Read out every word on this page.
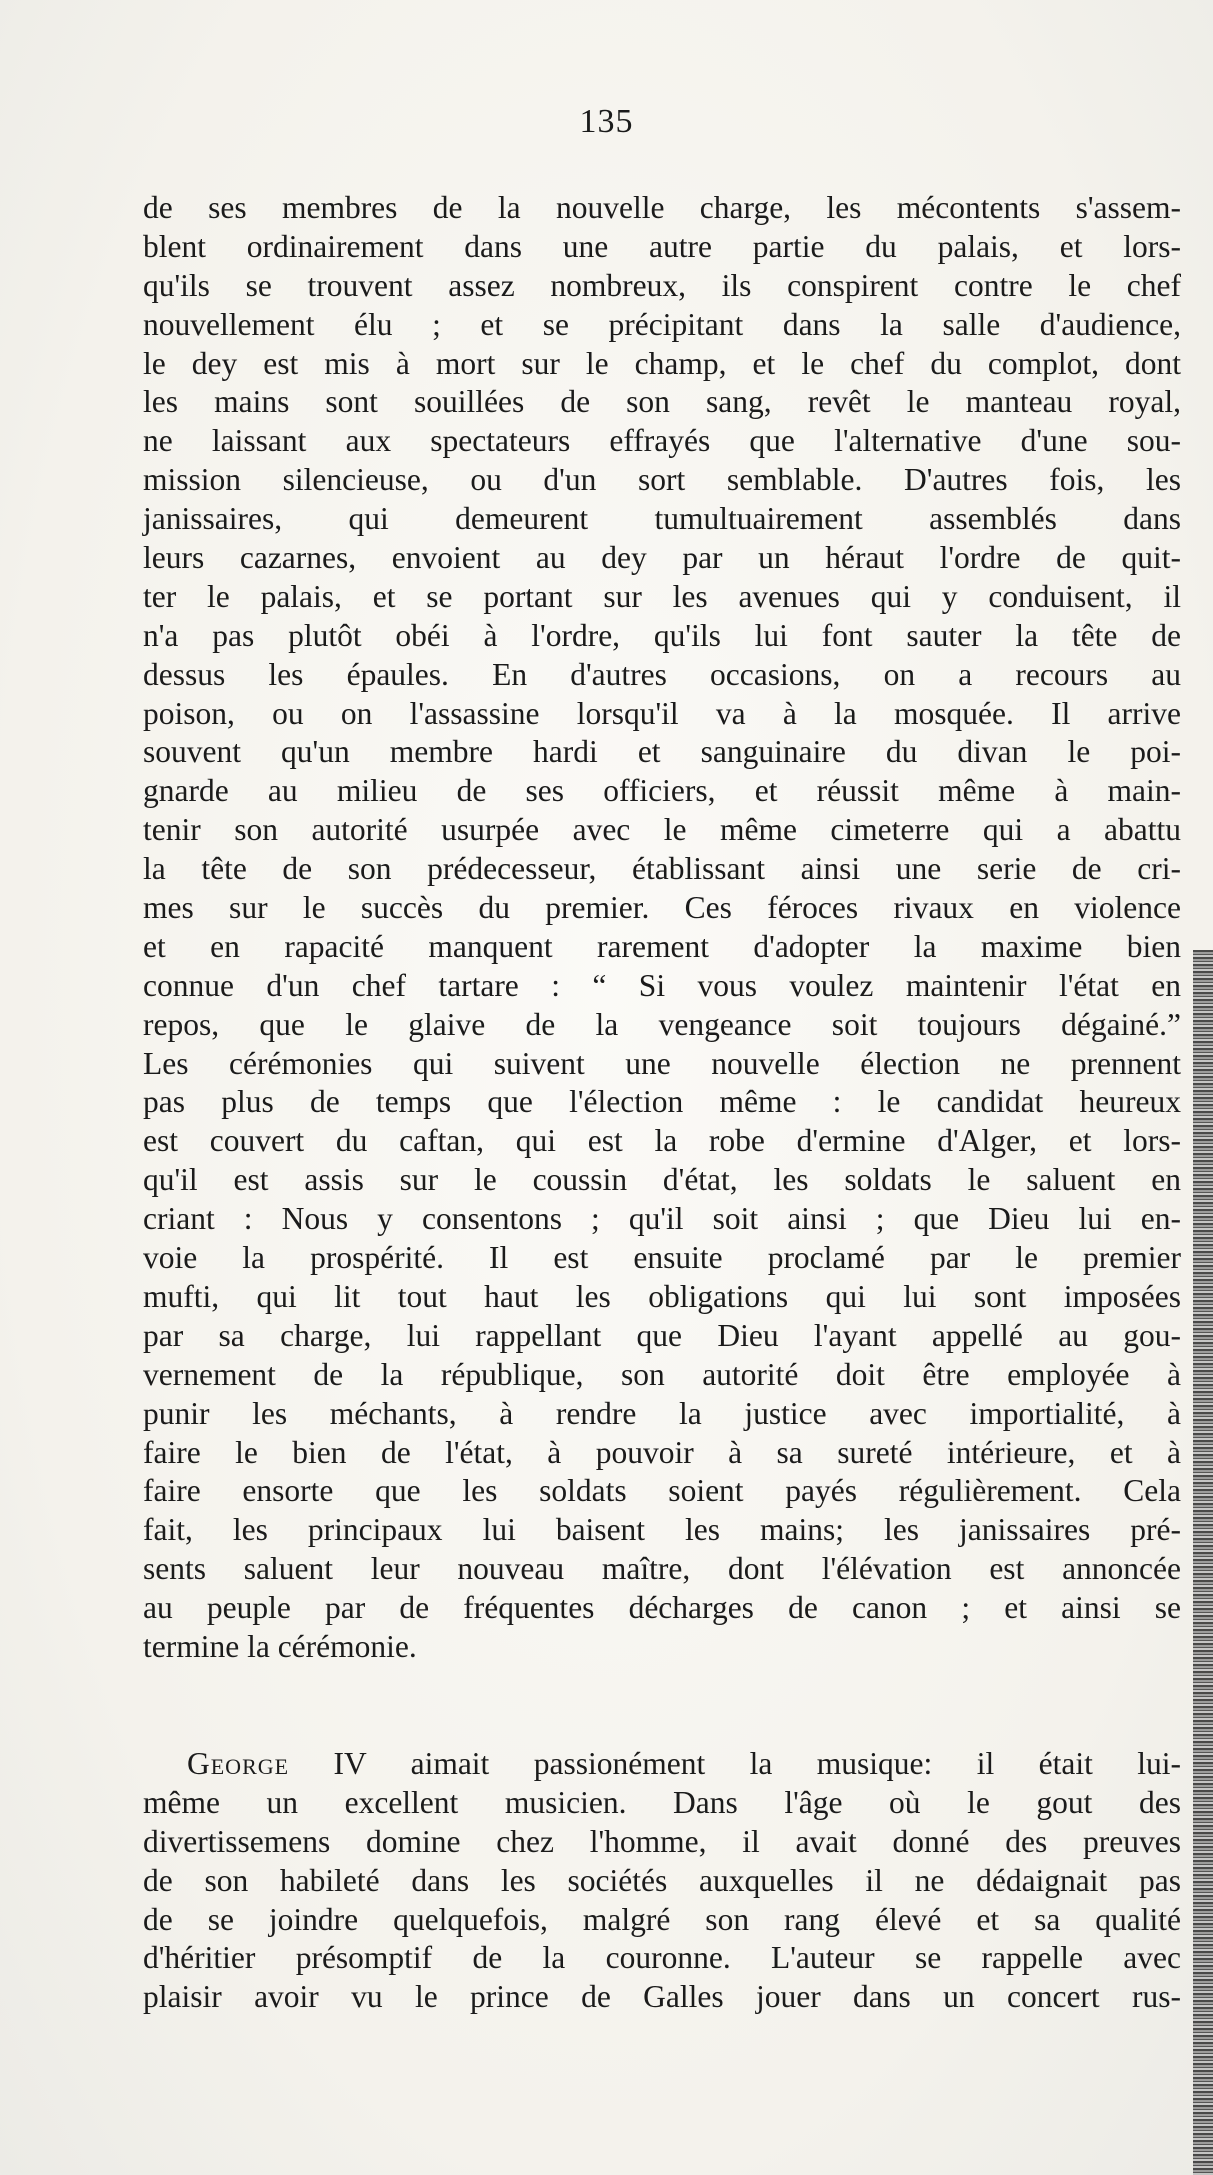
135
de ses membres de la nouvelle charge, les mécontents s'assem-
blent ordinairement dans une autre partie du palais, et lors-
qu'ils se trouvent assez nombreux, ils conspirent contre le chef
nouvellement élu ; et se précipitant dans la salle d'audience,
le dey est mis à mort sur le champ, et le chef du complot, dont
les mains sont souillées de son sang, revêt le manteau royal,
ne laissant aux spectateurs effrayés que l'alternative d'une sou-
mission silencieuse, ou d'un sort semblable. D'autres fois, les
janissaires, qui demeurent tumultuairement assemblés dans
leurs cazarnes, envoient au dey par un héraut l'ordre de quit-
ter le palais, et se portant sur les avenues qui y conduisent, il
n'a pas plutôt obéi à l'ordre, qu'ils lui font sauter la tête de
dessus les épaules. En d'autres occasions, on a recours au
poison, ou on l'assassine lorsqu'il va à la mosquée. Il arrive
souvent qu'un membre hardi et sanguinaire du divan le poi-
gnarde au milieu de ses officiers, et réussit même à main-
tenir son autorité usurpée avec le même cimeterre qui a abattu
la tête de son prédecesseur, établissant ainsi une serie de cri-
mes sur le succès du premier. Ces féroces rivaux en violence
et en rapacité manquent rarement d'adopter la maxime bien
connue d'un chef tartare : “ Si vous voulez maintenir l'état en
repos, que le glaive de la vengeance soit toujours dégainé.”
Les cérémonies qui suivent une nouvelle élection ne prennent
pas plus de temps que l'élection même : le candidat heureux
est couvert du caftan, qui est la robe d'ermine d'Alger, et lors-
qu'il est assis sur le coussin d'état, les soldats le saluent en
criant : Nous y consentons ; qu'il soit ainsi ; que Dieu lui en-
voie la prospérité. Il est ensuite proclamé par le premier
mufti, qui lit tout haut les obligations qui lui sont imposées
par sa charge, lui rappellant que Dieu l'ayant appellé au gou-
vernement de la république, son autorité doit être employée à
punir les méchants, à rendre la justice avec importialité, à
faire le bien de l'état, à pouvoir à sa sureté intérieure, et à
faire ensorte que les soldats soient payés régulièrement. Cela
fait, les principaux lui baisent les mains; les janissaires pré-
sents saluent leur nouveau maître, dont l'élévation est annoncée
au peuple par de fréquentes décharges de canon ; et ainsi se
termine la cérémonie.
George IV aimait passionément la musique: il était lui-
même un excellent musicien. Dans l'âge où le gout des
divertissemens domine chez l'homme, il avait donné des preuves
de son habileté dans les sociétés auxquelles il ne dédaignait pas
de se joindre quelquefois, malgré son rang élevé et sa qualité
d'héritier présomptif de la couronne. L'auteur se rappelle avec
plaisir avoir vu le prince de Galles jouer dans un concert rus-
